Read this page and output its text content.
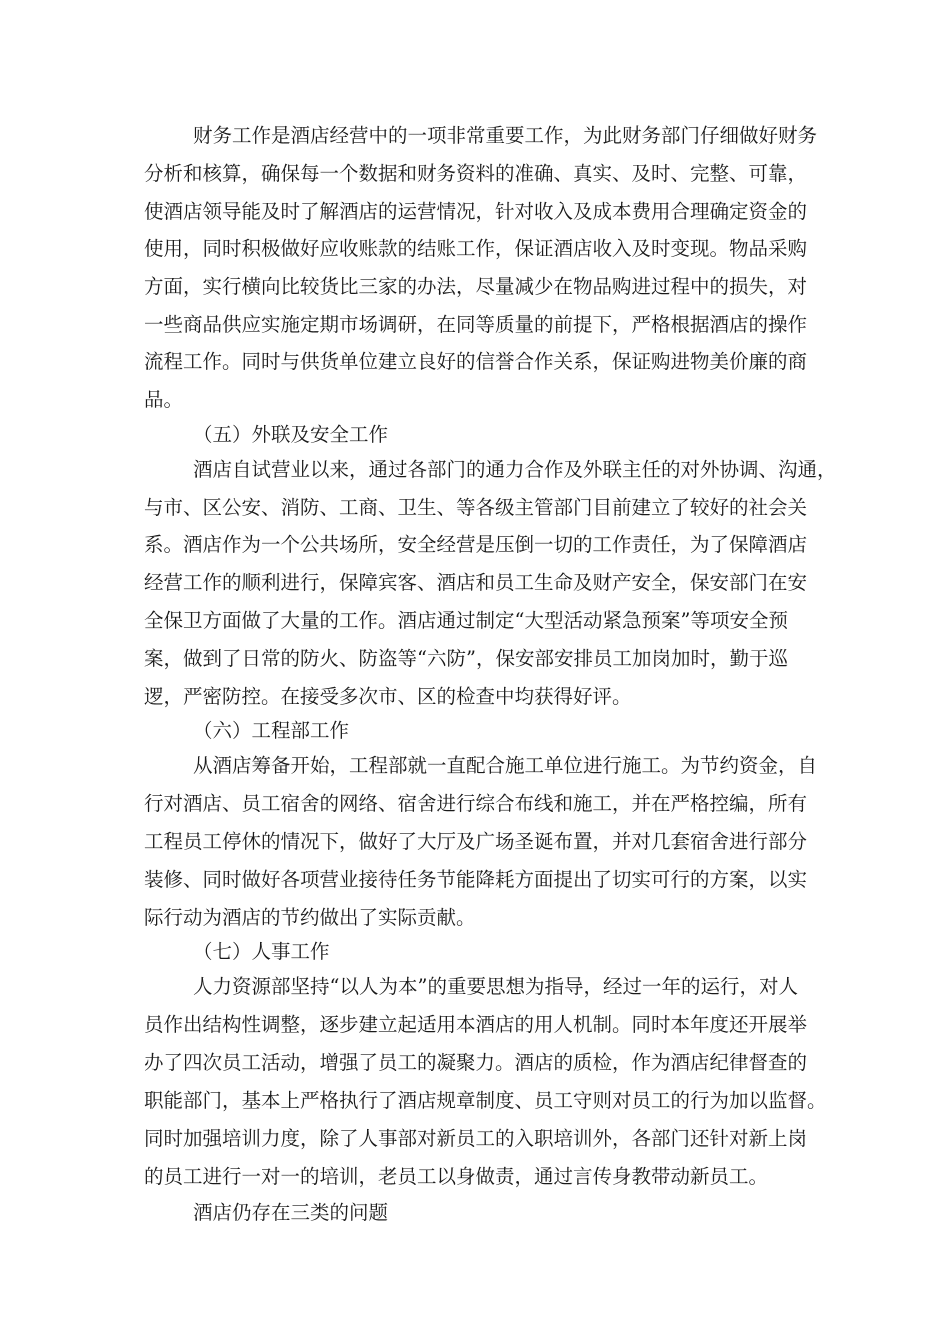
财务工作是酒店经营中的一项非常重要工作，为此财务部门仔细做好财务
分析和核算，确保每一个数据和财务资料的准确、真实、及时、完整、可靠，
使酒店领导能及时了解酒店的运营情况，针对收入及成本费用合理确定资金的
使用，同时积极做好应收账款的结账工作，保证酒店收入及时变现。物品采购
方面，实行横向比较货比三家的办法，尽量减少在物品购进过程中的损失，对
一些商品供应实施定期市场调研，在同等质量的前提下，严格根据酒店的操作
流程工作。同时与供货单位建立良好的信誉合作关系，保证购进物美价廉的商
品。
（五）外联及安全工作
酒店自试营业以来，通过各部门的通力合作及外联主任的对外协调、沟通，
与市、区公安、消防、工商、卫生、等各级主管部门目前建立了较好的社会关
系。酒店作为一个公共场所，安全经营是压倒一切的工作责任，为了保障酒店
经营工作的顺利进行，保障宾客、酒店和员工生命及财产安全，保安部门在安
全保卫方面做了大量的工作。酒店通过制定“大型活动紧急预案”等项安全预
案，做到了日常的防火、防盗等“六防”，保安部安排员工加岗加时，勤于巡
逻，严密防控。在接受多次市、区的检查中均获得好评。
（六）工程部工作
从酒店筹备开始，工程部就一直配合施工单位进行施工。为节约资金，自
行对酒店、员工宿舍的网络、宿舍进行综合布线和施工，并在严格控编，所有
工程员工停休的情况下，做好了大厅及广场圣诞布置，并对几套宿舍进行部分
装修、同时做好各项营业接待任务节能降耗方面提出了切实可行的方案，以实
际行动为酒店的节约做出了实际贡献。
（七）人事工作
人力资源部坚持“以人为本”的重要思想为指导，经过一年的运行，对人
员作出结构性调整，逐步建立起适用本酒店的用人机制。同时本年度还开展举
办了四次员工活动，增强了员工的凝聚力。酒店的质检，作为酒店纪律督查的
职能部门，基本上严格执行了酒店规章制度、员工守则对员工的行为加以监督。
同时加强培训力度，除了人事部对新员工的入职培训外，各部门还针对新上岗
的员工进行一对一的培训，老员工以身做责，通过言传身教带动新员工。
酒店仍存在三类的问题
